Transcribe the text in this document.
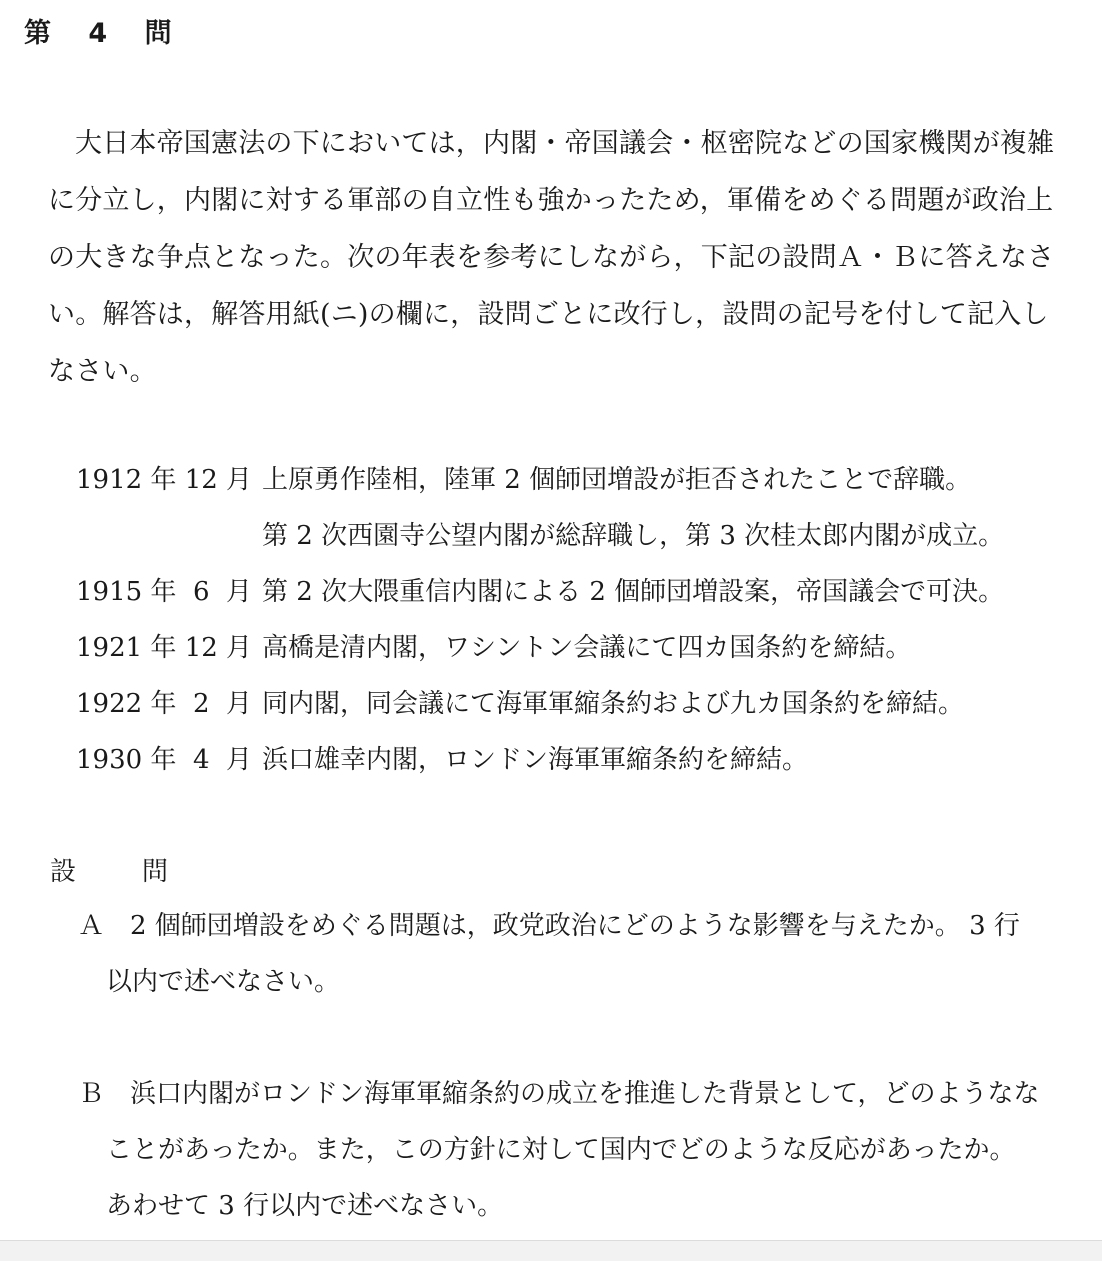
第 4 問
大日本帝国憲法の下においては，内閣・帝国議会・枢密院などの国家機関が複雑
に分立し，内閣に対する軍部の自立性も強かったため，軍備をめぐる問題が政治上
の大きな争点となった。次の年表を参考にしながら，下記の設問Ａ・Ｂに答えなさ
い。解答は，解答用紙(ニ)の欄に，設問ごとに改行し，設問の記号を付して記入し
なさい。
1912 年 12 月 上原勇作陸相，陸軍 2 個師団増設が拒否されたことで辞職。
第 2 次西園寺公望内閣が総辞職し，第 3 次桂太郎内閣が成立。
1915 年  6  月 第 2 次大隈重信内閣による 2 個師団増設案，帝国議会で可決。
1921 年 12 月 高橋是清内閣，ワシントン会議にて四カ国条約を締結。
1922 年  2  月 同内閣，同会議にて海軍軍縮条約および九カ国条約を締結。
1930 年  4  月 浜口雄幸内閣，ロンドン海軍軍縮条約を締結。
設　問
Ａ 2 個師団増設をめぐる問題は，政党政治にどのような影響を与えたか。 3 行
以内で述べなさい。
Ｂ 浜口内閣がロンドン海軍軍縮条約の成立を推進した背景として，どのようなな
ことがあったか。また，この方針に対して国内でどのような反応があったか。
あわせて 3 行以内で述べなさい。
